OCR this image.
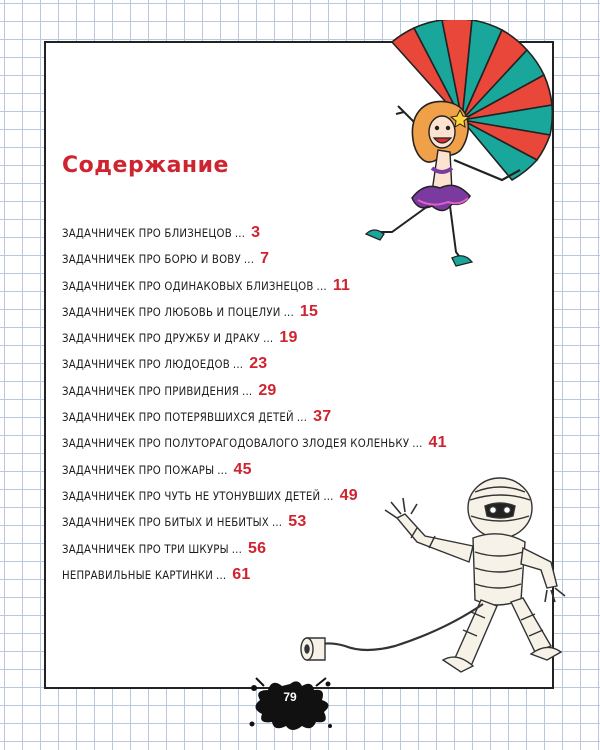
Содержание
ЗАДАЧНИЧЕК ПРО БЛИЗНЕЦОВ ... 3
ЗАДАЧНИЧЕК ПРО БОРЮ И ВОВУ ... 7
ЗАДАЧНИЧЕК ПРО ОДИНАКОВЫХ БЛИЗНЕЦОВ ... 11
ЗАДАЧНИЧЕК ПРО ЛЮБОВЬ И ПОЦЕЛУИ ... 15
ЗАДАЧНИЧЕК ПРО ДРУЖБУ И ДРАКУ ... 19
ЗАДАЧНИЧЕК ПРО ЛЮДОЕДОВ ... 23
ЗАДАЧНИЧЕК ПРО ПРИВИДЕНИЯ ... 29
ЗАДАЧНИЧЕК ПРО ПОТЕРЯВШИХСЯ ДЕТЕЙ ... 37
ЗАДАЧНИЧЕК ПРО ПОЛУТОРАГОДОВАЛОГО ЗЛОДЕЯ КОЛЕНЬКУ ... 41
ЗАДАЧНИЧЕК ПРО ПОЖАРЫ ... 45
ЗАДАЧНИЧЕК ПРО ЧУТЬ НЕ УТОНУВШИХ ДЕТЕЙ ... 49
ЗАДАЧНИЧЕК ПРО БИТЫХ И НЕБИТЫХ ... 53
ЗАДАЧНИЧЕК ПРО ТРИ ШКУРЫ ... 56
НЕПРАВИЛЬНЫЕ КАРТИНКИ ... 61
79
